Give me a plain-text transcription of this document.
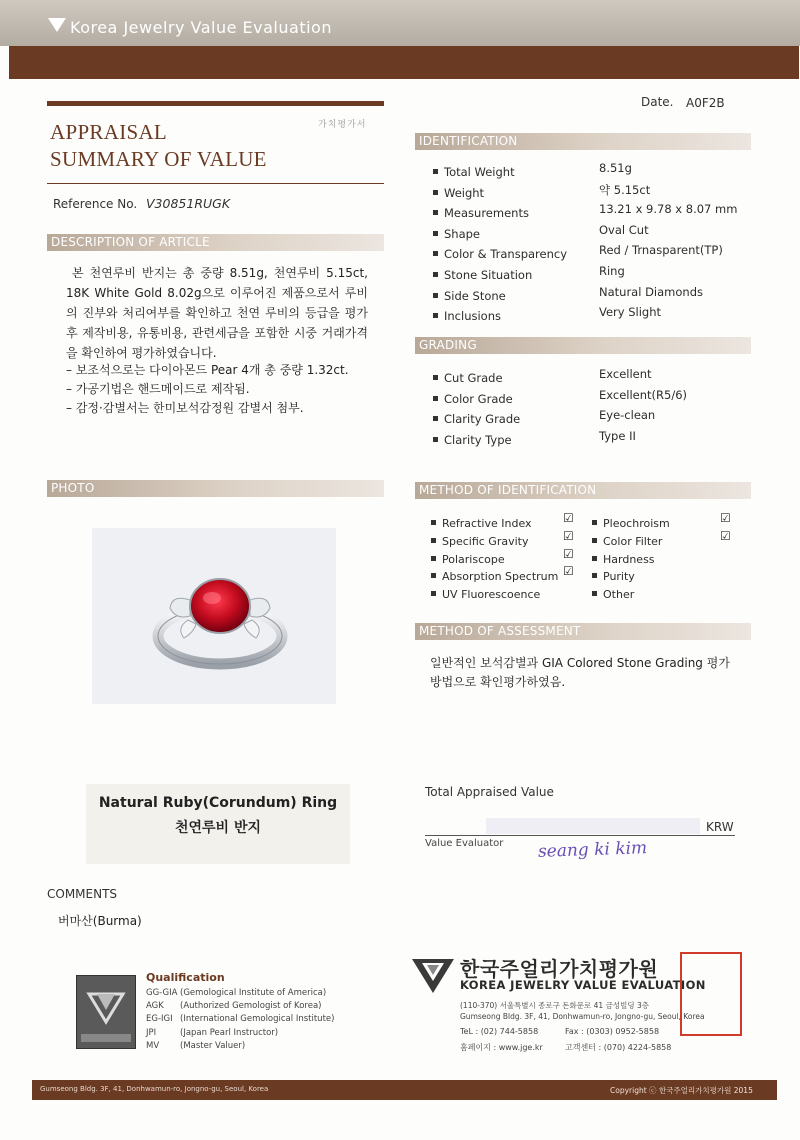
Korea Jewelry Value Evaluation
APPRAISAL
SUMMARY OF VALUE
가치평가서
Reference No. V30851RUGK
DESCRIPTION OF ARTICLE
본 천연루비 반지는 총 중량 8.51g, 천연루비 5.15ct, 18K White Gold 8.02g으로 이루어진 제품으로서 루비의 진부와 처리여부를 확인하고 천연 루비의 등급을 평가 후 제작비용, 유통비용, 관련세금을 포함한 시중 거래가격을 확인하여 평가하였습니다.
– 보조석으로는 다이아몬드 Pear 4개 총 중량 1.32ct.
– 가공기법은 핸드메이드로 제작됨.
– 감정·감별서는 한미보석감정원 감별서 첨부.
Date. A0F2B
IDENTIFICATION
Total Weight	8.51g
Weight	약 5.15ct
Measurements	13.21 x 9.78 x 8.07 mm
Shape	Oval Cut
Color & Transparency	Red / Trnasparent(TP)
Stone Situation	Ring
Side Stone	Natural Diamonds
Inclusions	Very Slight
GRADING
Cut Grade	Excellent
Color Grade	Excellent(R5/6)
Clarity Grade	Eye-clean
Clarity Type	Type II
PHOTO
Natural Ruby(Corundum) Ring
천연루비 반지
METHOD OF IDENTIFICATION
Refractive Index	☑
Specific Gravity	☑
Polariscope	☑
Absorption Spectrum ☑
UV Fluorescoence
Pleochroism	☑
Color Filter	☑
Hardness
Purity
Other
METHOD OF ASSESSMENT
일반적인 보석감별과 GIA Colored Stone Grading 평가
방법으로 확인평가하였음.
Total Appraised Value
KRW
Value Evaluator seang ki kim
COMMENTS
버마산(Burma)
Qualification
GG-GIA (Gemological Institute of America)
AGK (Authorized Gemologist of Korea)
EG-IGI (International Gemological Institute)
JPI	(Japan Pearl Instructor)
MV (Master Valuer)
한국주얼리가치평가원
KOREA JEWELRY VALUE EVALUATION
(110-370) 서울특별시 종로구 돈화문로 41 금성빌딩 3층
Gumseong Bldg. 3F, 41, Donhwamun-ro, Jongno-gu, Seoul, Korea
TeL : (02) 744-5858	Fax : (0303) 0952-5858
홈페이지 : www.jge.kr	고객센터 : (070) 4224-5858
Gumseong Bldg. 3F, 41, Donhwamun-ro, Jongno-gu, Seoul, Korea	Copyright ⓒ 한국주얼리가치평가원 2015
